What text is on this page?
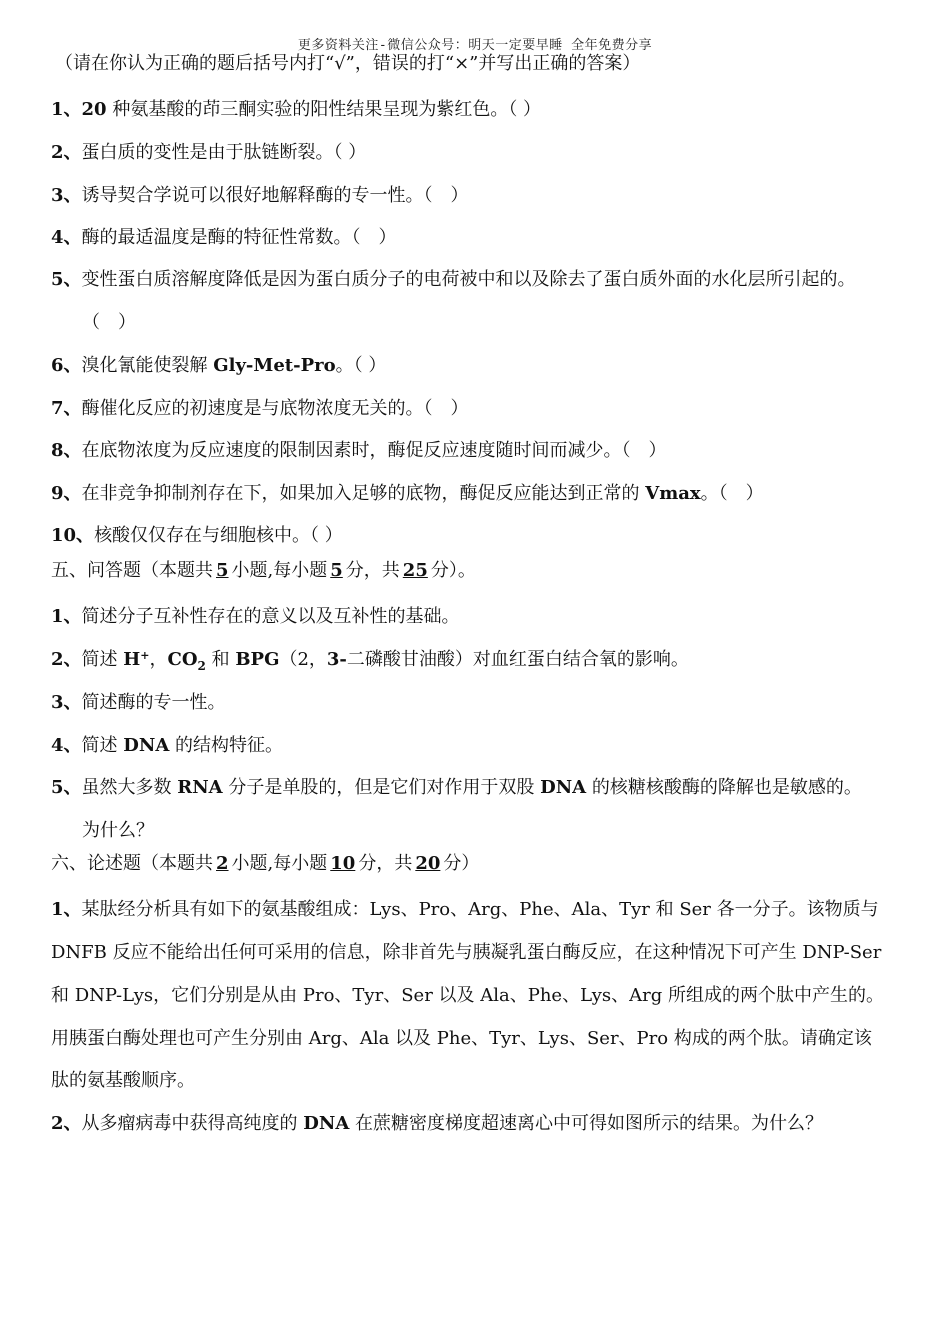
更多资料关注-微信公众号：明天一定要早睡 全年免费分享
（请在你认为正确的题后括号内打“√”，错误的打“×”并写出正确的答案）
1、20 种氨基酸的茚三酮实验的阳性结果呈现为紫红色。（ ）
2、蛋白质的变性是由于肽链断裂。（ ）
3、诱导契合学说可以很好地解释酶的专一性。（　）
4、酶的最适温度是酶的特征性常数。（　）
5、变性蛋白质溶解度降低是因为蛋白质分子的电荷被中和以及除去了蛋白质外面的水化层所引起的。
（　）
6、溴化氰能使裂解 Gly-Met-Pro。（ ）
7、酶催化反应的初速度是与底物浓度无关的。（　）
8、在底物浓度为反应速度的限制因素时，酶促反应速度随时间而减少。（　）
9、在非竞争抑制剂存在下，如果加入足够的底物，酶促反应能达到正常的 Vmax。（　）
10、核酸仅仅存在与细胞核中。（ ）
五、问答题（本题共 5 小题,每小题 5 分，共 25 分）。
1、简述分子互补性存在的意义以及互补性的基础。
2、简述 H+，$CO_2$ 和 BPG（2，3-二磷酸甘油酸）对血红蛋白结合氧的影响。
3、简述酶的专一性。
4、简述 DNA 的结构特征。
5、虽然大多数 RNA 分子是单股的，但是它们对作用于双股 DNA 的核糖核酸酶的降解也是敏感的。
为什么？
六、论述题（本题共 2 小题,每小题 10 分，共 20 分）
1、某肽经分析具有如下的氨基酸组成：Lys、Pro、Arg、Phe、Ala、Tyr 和 Ser 各一分子。该物质与
DNFB 反应不能给出任何可采用的信息，除非首先与胰凝乳蛋白酶反应，在这种情况下可产生 DNP-Ser
和 DNP-Lys，它们分别是从由 Pro、Tyr、Ser 以及 Ala、Phe、Lys、Arg 所组成的两个肽中产生的。
用胰蛋白酶处理也可产生分别由 Arg、Ala 以及 Phe、Tyr、Lys、Ser、Pro 构成的两个肽。请确定该
肽的氨基酸顺序。
2、从多瘤病毒中获得高纯度的 DNA 在蔗糖密度梯度超速离心中可得如图所示的结果。为什么？
